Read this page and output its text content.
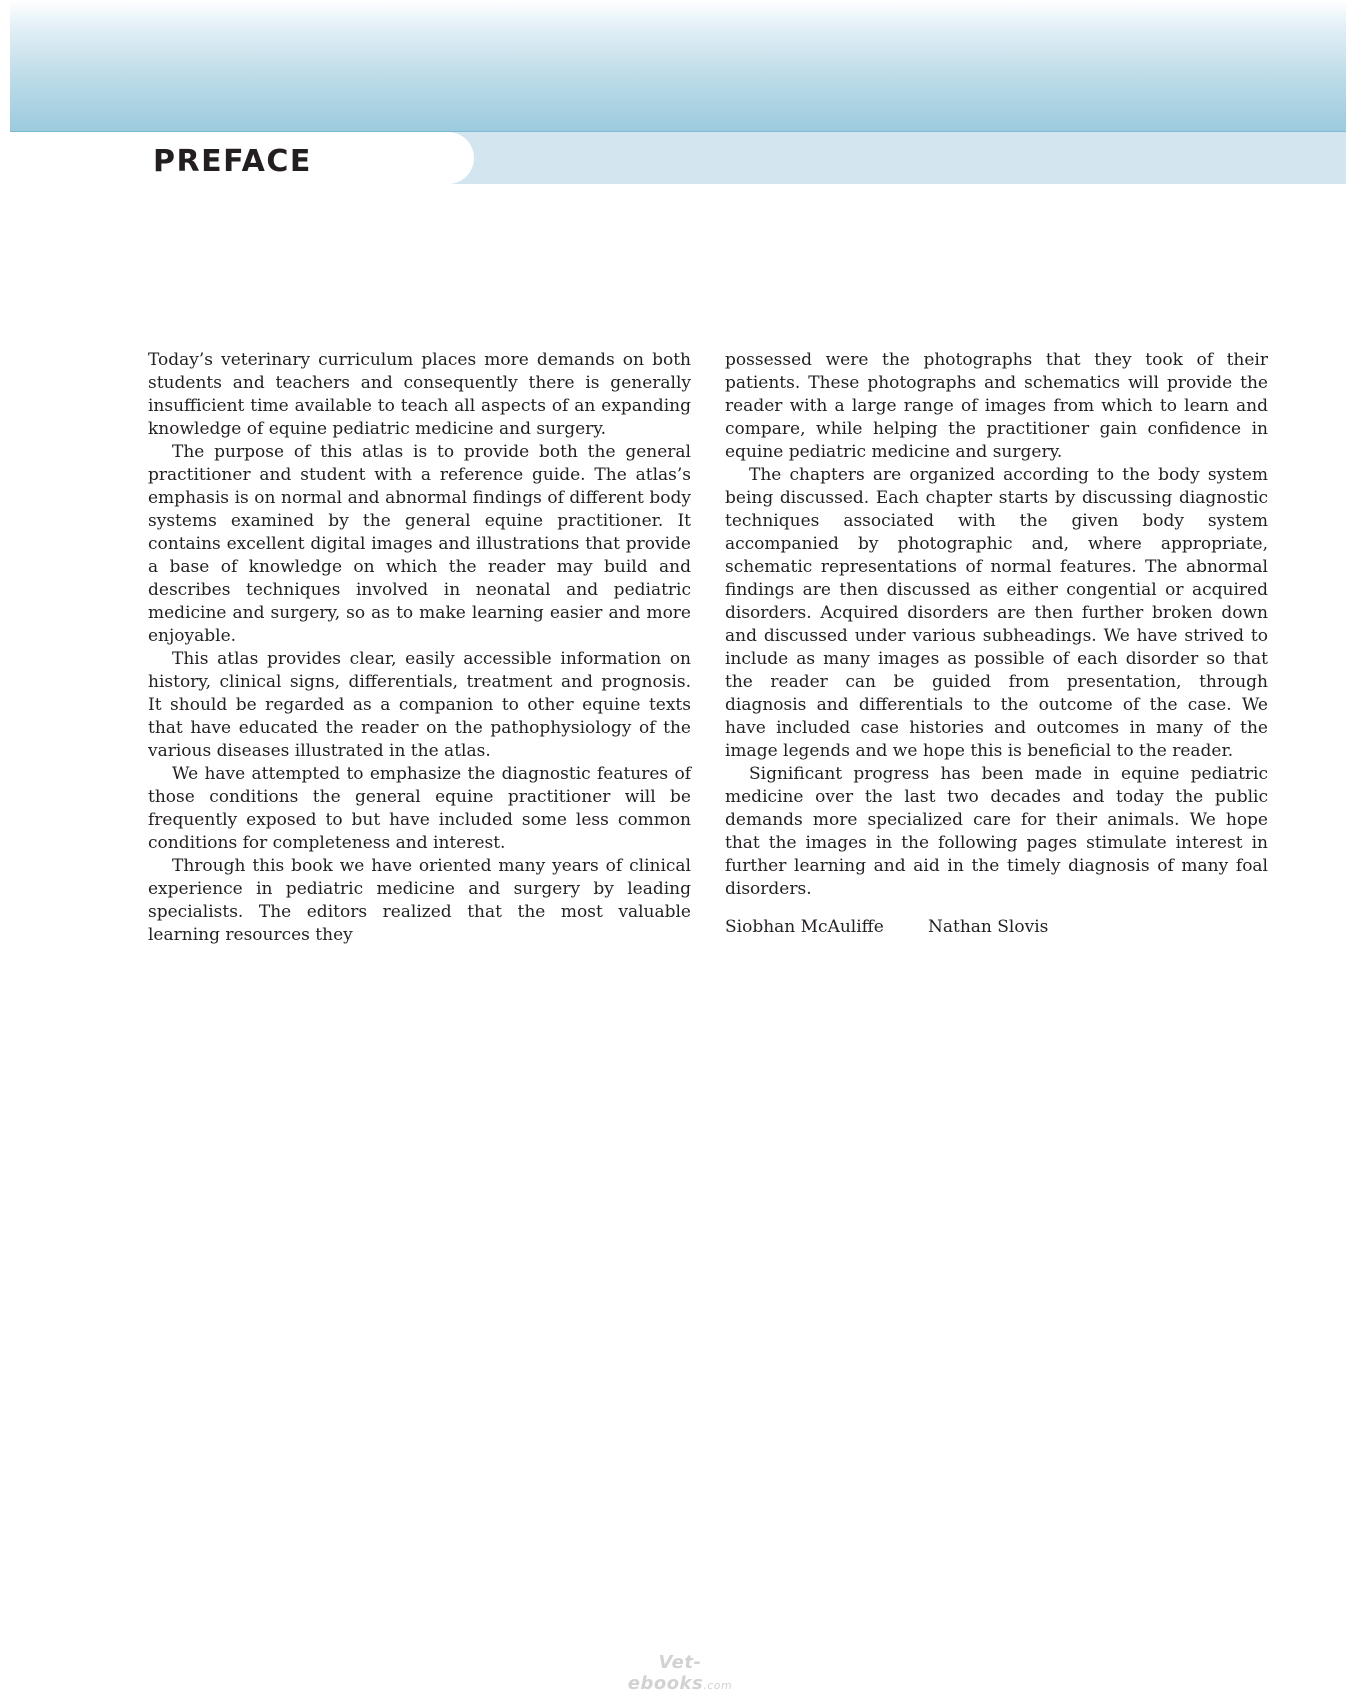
PREFACE

Today’s veterinary curriculum places more demands on both students and teachers and consequently there is generally insufficient time available to teach all aspects of an expanding knowledge of equine pediatric medicine and surgery.

The purpose of this atlas is to provide both the general practitioner and student with a reference guide. The atlas’s emphasis is on normal and abnormal findings of different body systems examined by the general equine practitioner. It contains excellent digital images and illustrations that provide a base of knowledge on which the reader may build and describes techniques involved in neonatal and pediatric medicine and surgery, so as to make learning easier and more enjoyable.

This atlas provides clear, easily accessible information on history, clinical signs, differentials, treatment and prognosis. It should be regarded as a companion to other equine texts that have educated the reader on the pathophysiology of the various diseases illustrated in the atlas.

We have attempted to emphasize the diagnostic features of those conditions the general equine practitioner will be frequently exposed to but have included some less common conditions for completeness and interest.

Through this book we have oriented many years of clinical experience in pediatric medicine and surgery by leading specialists. The editors realized that the most valuable learning resources they

possessed were the photographs that they took of their patients. These photographs and schematics will provide the reader with a large range of images from which to learn and compare, while helping the practitioner gain confidence in equine pediatric medicine and surgery.

The chapters are organized according to the body system being discussed. Each chapter starts by discussing diagnostic techniques associated with the given body system accompanied by photographic and, where appropriate, schematic representations of normal features. The abnormal findings are then discussed as either congential or acquired disorders. Acquired disorders are then further broken down and discussed under various subheadings. We have strived to include as many images as possible of each disorder so that the reader can be guided from presentation, through diagnosis and differentials to the outcome of the case. We have included case histories and outcomes in many of the image legends and we hope this is beneficial to the reader.

Significant progress has been made in equine pediatric medicine over the last two decades and today the public demands more specialized care for their animals. We hope that the images in the following pages stimulate interest in further learning and aid in the timely diagnosis of many foal disorders.

Siobhan McAuliffe	Nathan Slovis
Vet-ebooks.com
